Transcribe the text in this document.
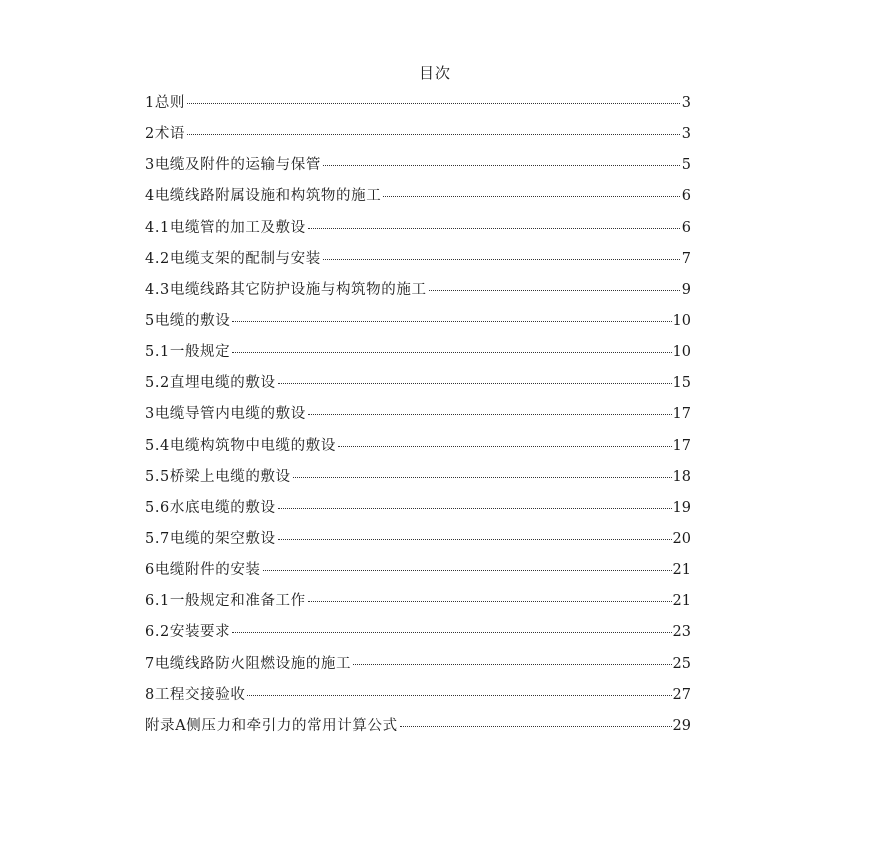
目次
1总则	3
2术语	3
3电缆及附件的运输与保管	5
4电缆线路附属设施和构筑物的施工	6
4.1电缆管的加工及敷设	6
4.2电缆支架的配制与安装	7
4.3电缆线路其它防护设施与构筑物的施工	9
5电缆的敷设	10
5.1一般规定	10
5.2直埋电缆的敷设	15
3电缆导管内电缆的敷设	17
5.4电缆构筑物中电缆的敷设	17
5.5桥梁上电缆的敷设	18
5.6水底电缆的敷设	19
5.7电缆的架空敷设	20
6电缆附件的安装	21
6.1一般规定和准备工作	21
6.2安装要求	23
7电缆线路防火阻燃设施的施工	25
8工程交接验收	27
附录A侧压力和牵引力的常用计算公式	29
